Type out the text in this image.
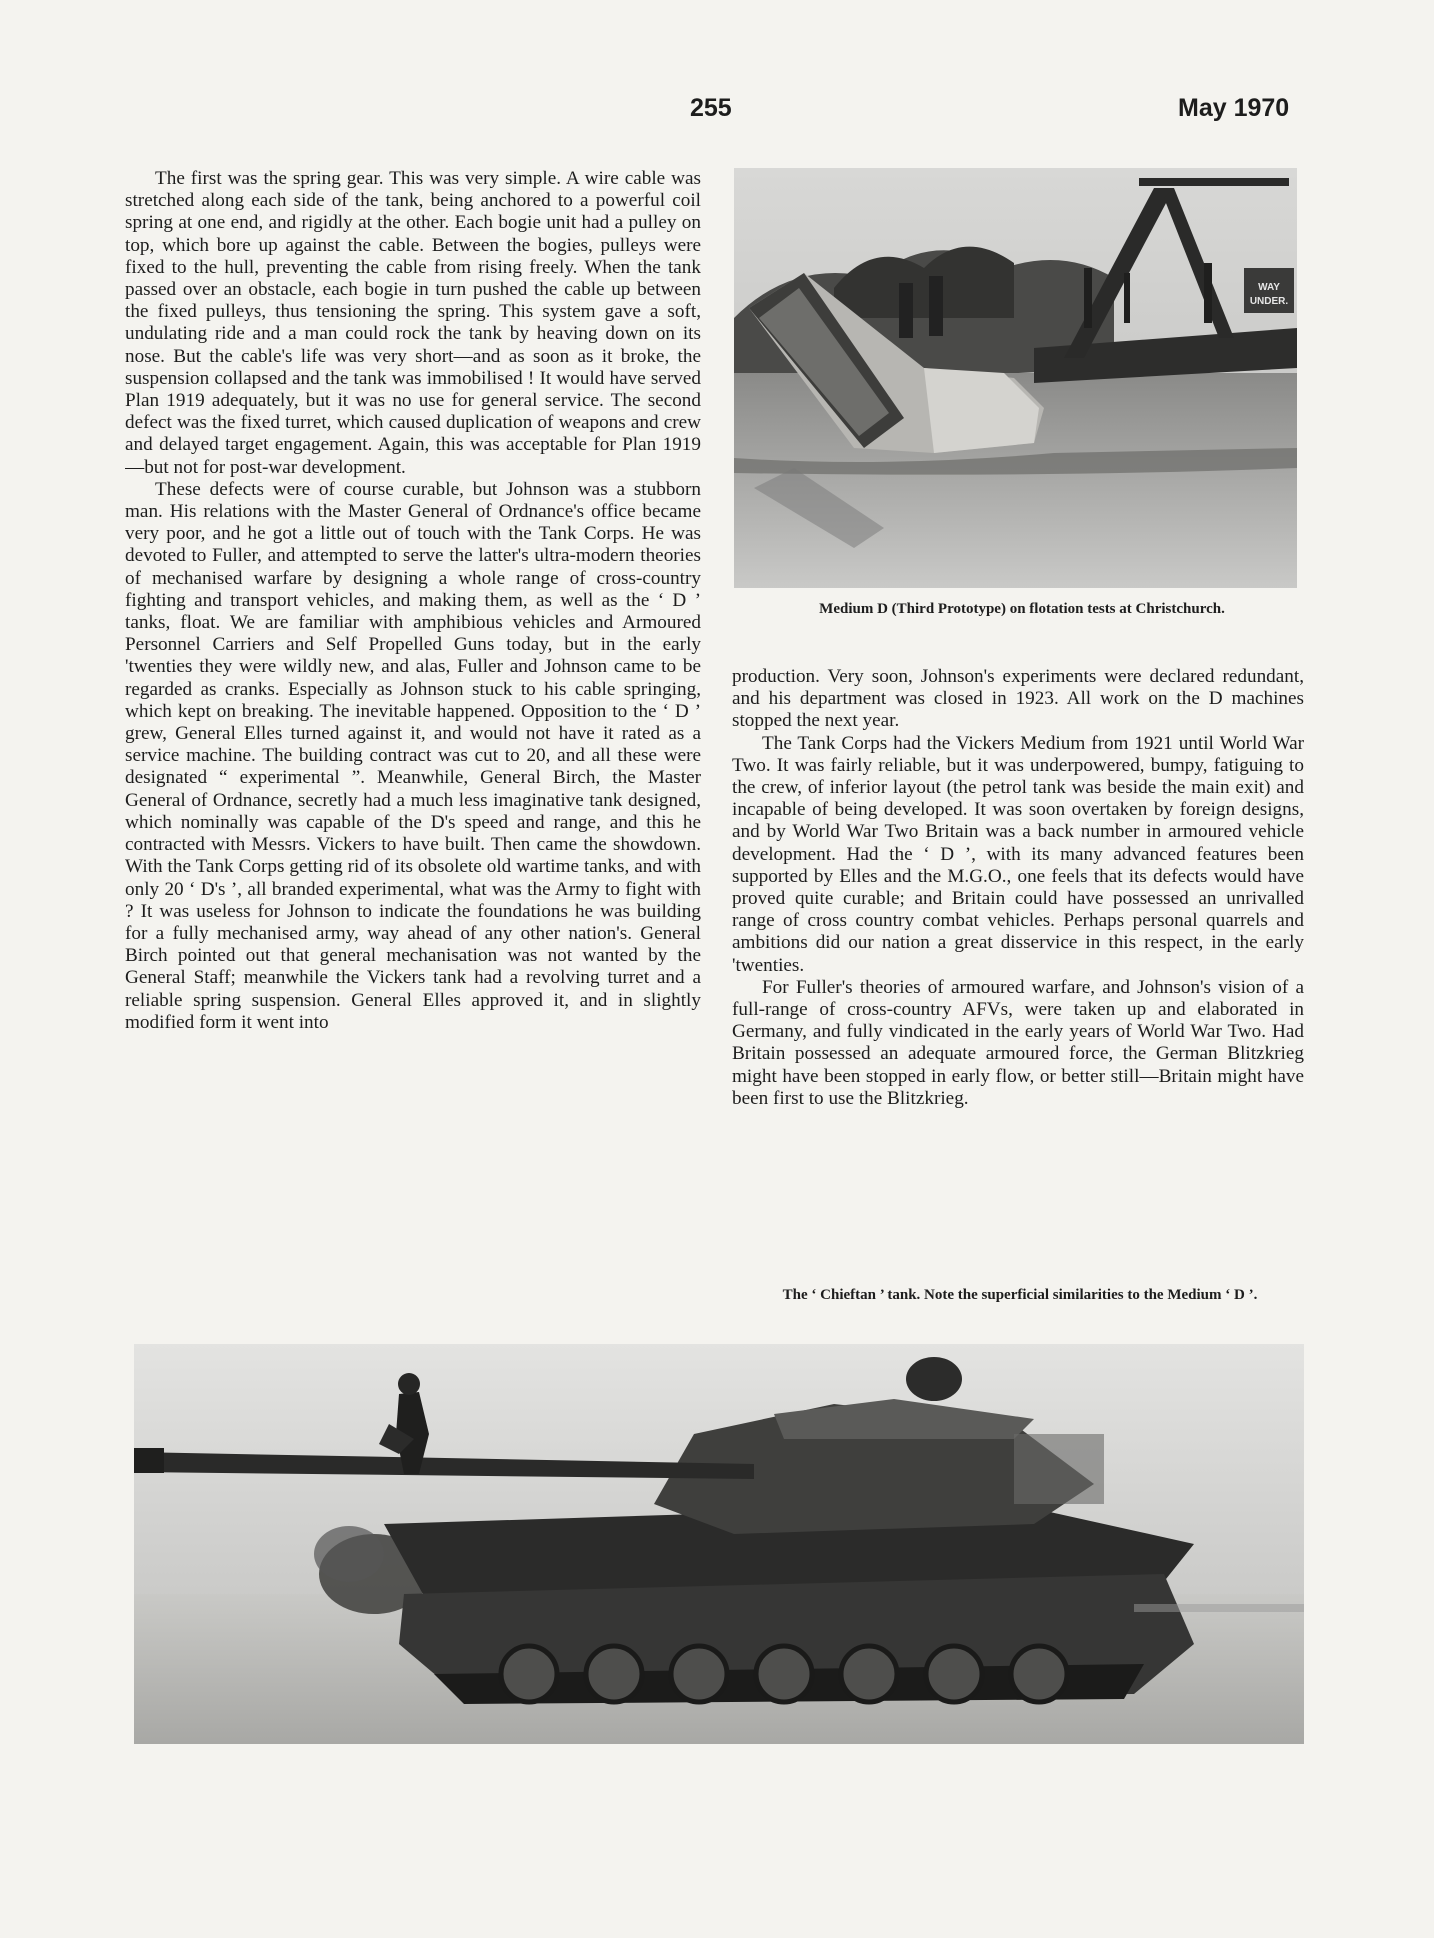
255	May 1970

The first was the spring gear. This was very simple. A wire cable was stretched along each side of the tank, being anchored to a powerful coil spring at one end, and rigidly at the other. Each bogie unit had a pulley on top, which bore up against the cable. Between the bogies, pulleys were fixed to the hull, preventing the cable from rising freely. When the tank passed over an obstacle, each bogie in turn pushed the cable up between the fixed pulleys, thus tensioning the spring. This system gave a soft, undulating ride and a man could rock the tank by heaving down on its nose. But the cable's life was very short—and as soon as it broke, the suspension collapsed and the tank was immobilised ! It would have served Plan 1919 adequately, but it was no use for general service. The second defect was the fixed turret, which caused duplication of weapons and crew and delayed target engagement. Again, this was acceptable for Plan 1919 —but not for post-war development.

These defects were of course curable, but Johnson was a stubborn man. His relations with the Master General of Ordnance's office became very poor, and he got a little out of touch with the Tank Corps. He was devoted to Fuller, and attempted to serve the latter's ultra-modern theories of mechanised warfare by designing a whole range of cross-country fighting and transport vehicles, and making them, as well as the ‘ D ’ tanks, float. We are familiar with amphibious vehicles and Armoured Personnel Carriers and Self Propelled Guns today, but in the early 'twenties they were wildly new, and alas, Fuller and Johnson came to be regarded as cranks. Especially as Johnson stuck to his cable springing, which kept on breaking. The inevitable happened. Opposition to the ‘ D ’ grew, General Elles turned against it, and would not have it rated as a service machine. The building contract was cut to 20, and all these were designated “ experimental ”. Meanwhile, General Birch, the Master General of Ordnance, secretly had a much less imaginative tank designed, which nominally was capable of the D's speed and range, and this he contracted with Messrs. Vickers to have built. Then came the showdown. With the Tank Corps getting rid of its obsolete old wartime tanks, and with only 20 ‘ D's ’, all branded experimental, what was the Army to fight with ? It was useless for Johnson to indicate the foundations he was building for a fully mechanised army, way ahead of any other nation's. General Birch pointed out that general mechanisation was not wanted by the General Staff; meanwhile the Vickers tank had a revolving turret and a reliable spring suspension. General Elles approved it, and in slightly modified form it went into

WAY
UNDER.
Medium D (Third Prototype) on flotation tests at Christchurch.

production. Very soon, Johnson's experiments were declared redundant, and his department was closed in 1923. All work on the D machines stopped the next year.

The Tank Corps had the Vickers Medium from 1921 until World War Two. It was fairly reliable, but it was underpowered, bumpy, fatiguing to the crew, of inferior layout (the petrol tank was beside the main exit) and incapable of being developed. It was soon overtaken by foreign designs, and by World War Two Britain was a back number in armoured vehicle development. Had the ‘ D ’, with its many advanced features been supported by Elles and the M.G.O., one feels that its defects would have proved quite curable; and Britain could have possessed an unrivalled range of cross country combat vehicles. Perhaps personal quarrels and ambitions did our nation a great disservice in this respect, in the early 'twenties.

For Fuller's theories of armoured warfare, and Johnson's vision of a full-range of cross-country AFVs, were taken up and elaborated in Germany, and fully vindicated in the early years of World War Two. Had Britain possessed an adequate armoured force, the German Blitzkrieg might have been stopped in early flow, or better still—Britain might have been first to use the Blitzkrieg.

The ‘ Chieftan ’ tank. Note the superficial similarities to the Medium ‘ D ’.
